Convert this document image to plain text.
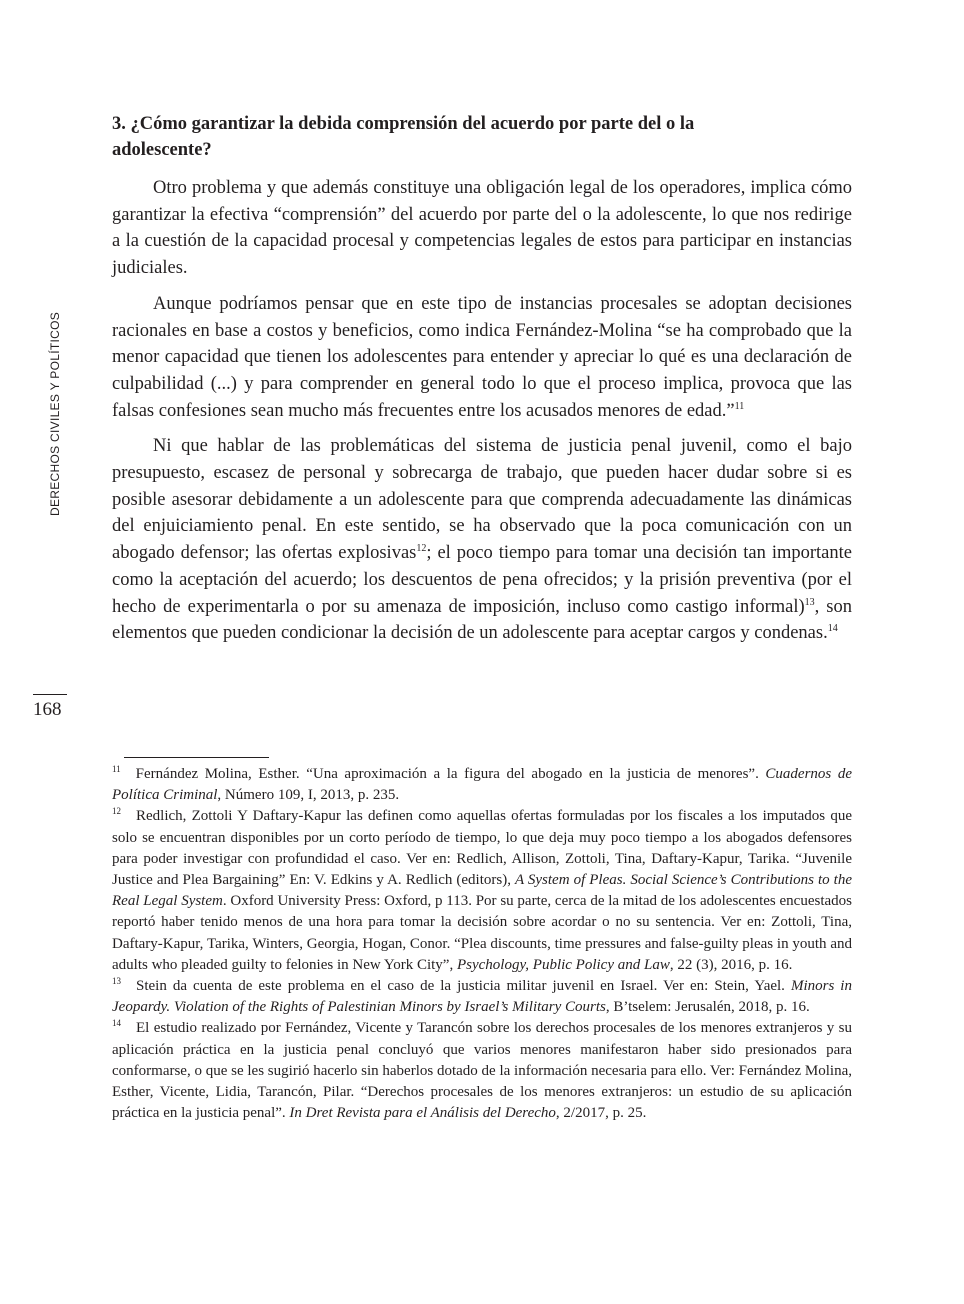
DERECHOS CIVILES Y POLÍTICOS
168

3. ¿Cómo garantizar la debida comprensión del acuerdo por parte del o la adolescente?

Otro problema y que además constituye una obligación legal de los operadores, implica cómo garantizar la efectiva “comprensión” del acuerdo por parte del o la adolescente, lo que nos redirige a la cuestión de la capacidad procesal y competencias legales de estos para participar en instancias judiciales.

Aunque podríamos pensar que en este tipo de instancias procesales se adoptan decisiones racionales en base a costos y beneficios, como indica Fernández-Molina “se ha comprobado que la menor capacidad que tienen los adolescentes para entender y apreciar lo qué es una declaración de culpabilidad (...) y para comprender en general todo lo que el proceso implica, provoca que las falsas confesiones sean mucho más frecuentes entre los acusados menores de edad.”$^{11}$

Ni que hablar de las problemáticas del sistema de justicia penal juvenil, como el bajo presupuesto, escasez de personal y sobrecarga de trabajo, que pueden hacer dudar sobre si es posible asesorar debidamente a un adolescente para que comprenda adecuadamente las dinámicas del enjuiciamiento penal. En este sentido, se ha observado que la poca comunicación con un abogado defensor; las ofertas explosivas$^{12}$; el poco tiempo para tomar una decisión tan importante como la aceptación del acuerdo; los descuentos de pena ofrecidos; y la prisión preventiva (por el hecho de experimentarla o por su amenaza de imposición, incluso como castigo informal)$^{13}$, son elementos que pueden condicionar la decisión de un adolescente para aceptar cargos y condenas.$^{14}$

$^{11}$ Fernández Molina, Esther. “Una aproximación a la figura del abogado en la justicia de menores”. Cuadernos de Política Criminal, Número 109, I, 2013, p. 235.

$^{12}$ Redlich, Zottoli Y Daftary-Kapur las definen como aquellas ofertas formuladas por los fiscales a los imputados que solo se encuentran disponibles por un corto período de tiempo, lo que deja muy poco tiempo a los abogados defensores para poder investigar con profundidad el caso. Ver en: Redlich, Allison, Zottoli, Tina, Daftary-Kapur, Tarika. “Juvenile Justice and Plea Bargaining” En: V. Edkins y A. Redlich (editors), A System of Pleas. Social Science’s Contributions to the Real Legal System. Oxford University Press: Oxford, p 113. Por su parte, cerca de la mitad de los adolescentes encuestados reportó haber tenido menos de una hora para tomar la decisión sobre acordar o no su sentencia. Ver en: Zottoli, Tina, Daftary-Kapur, Tarika, Winters, Georgia, Hogan, Conor. “Plea discounts, time pressures and false-guilty pleas in youth and adults who pleaded guilty to felonies in New York City”, Psychology, Public Policy and Law, 22 (3), 2016, p. 16.

$^{13}$ Stein da cuenta de este problema en el caso de la justicia militar juvenil en Israel. Ver en: Stein, Yael. Minors in Jeopardy. Violation of the Rights of Palestinian Minors by Israel’s Military Courts, B’tselem: Jerusalén, 2018, p. 16.

$^{14}$ El estudio realizado por Fernández, Vicente y Tarancón sobre los derechos procesales de los menores extranjeros y su aplicación práctica en la justicia penal concluyó que varios menores manifestaron haber sido presionados para conformarse, o que se les sugirió hacerlo sin haberlos dotado de la información necesaria para ello. Ver: Fernández Molina, Esther, Vicente, Lidia, Tarancón, Pilar. “Derechos procesales de los menores extranjeros: un estudio de su aplicación práctica en la justicia penal”. In Dret Revista para el Análisis del Derecho, 2/2017, p. 25.
